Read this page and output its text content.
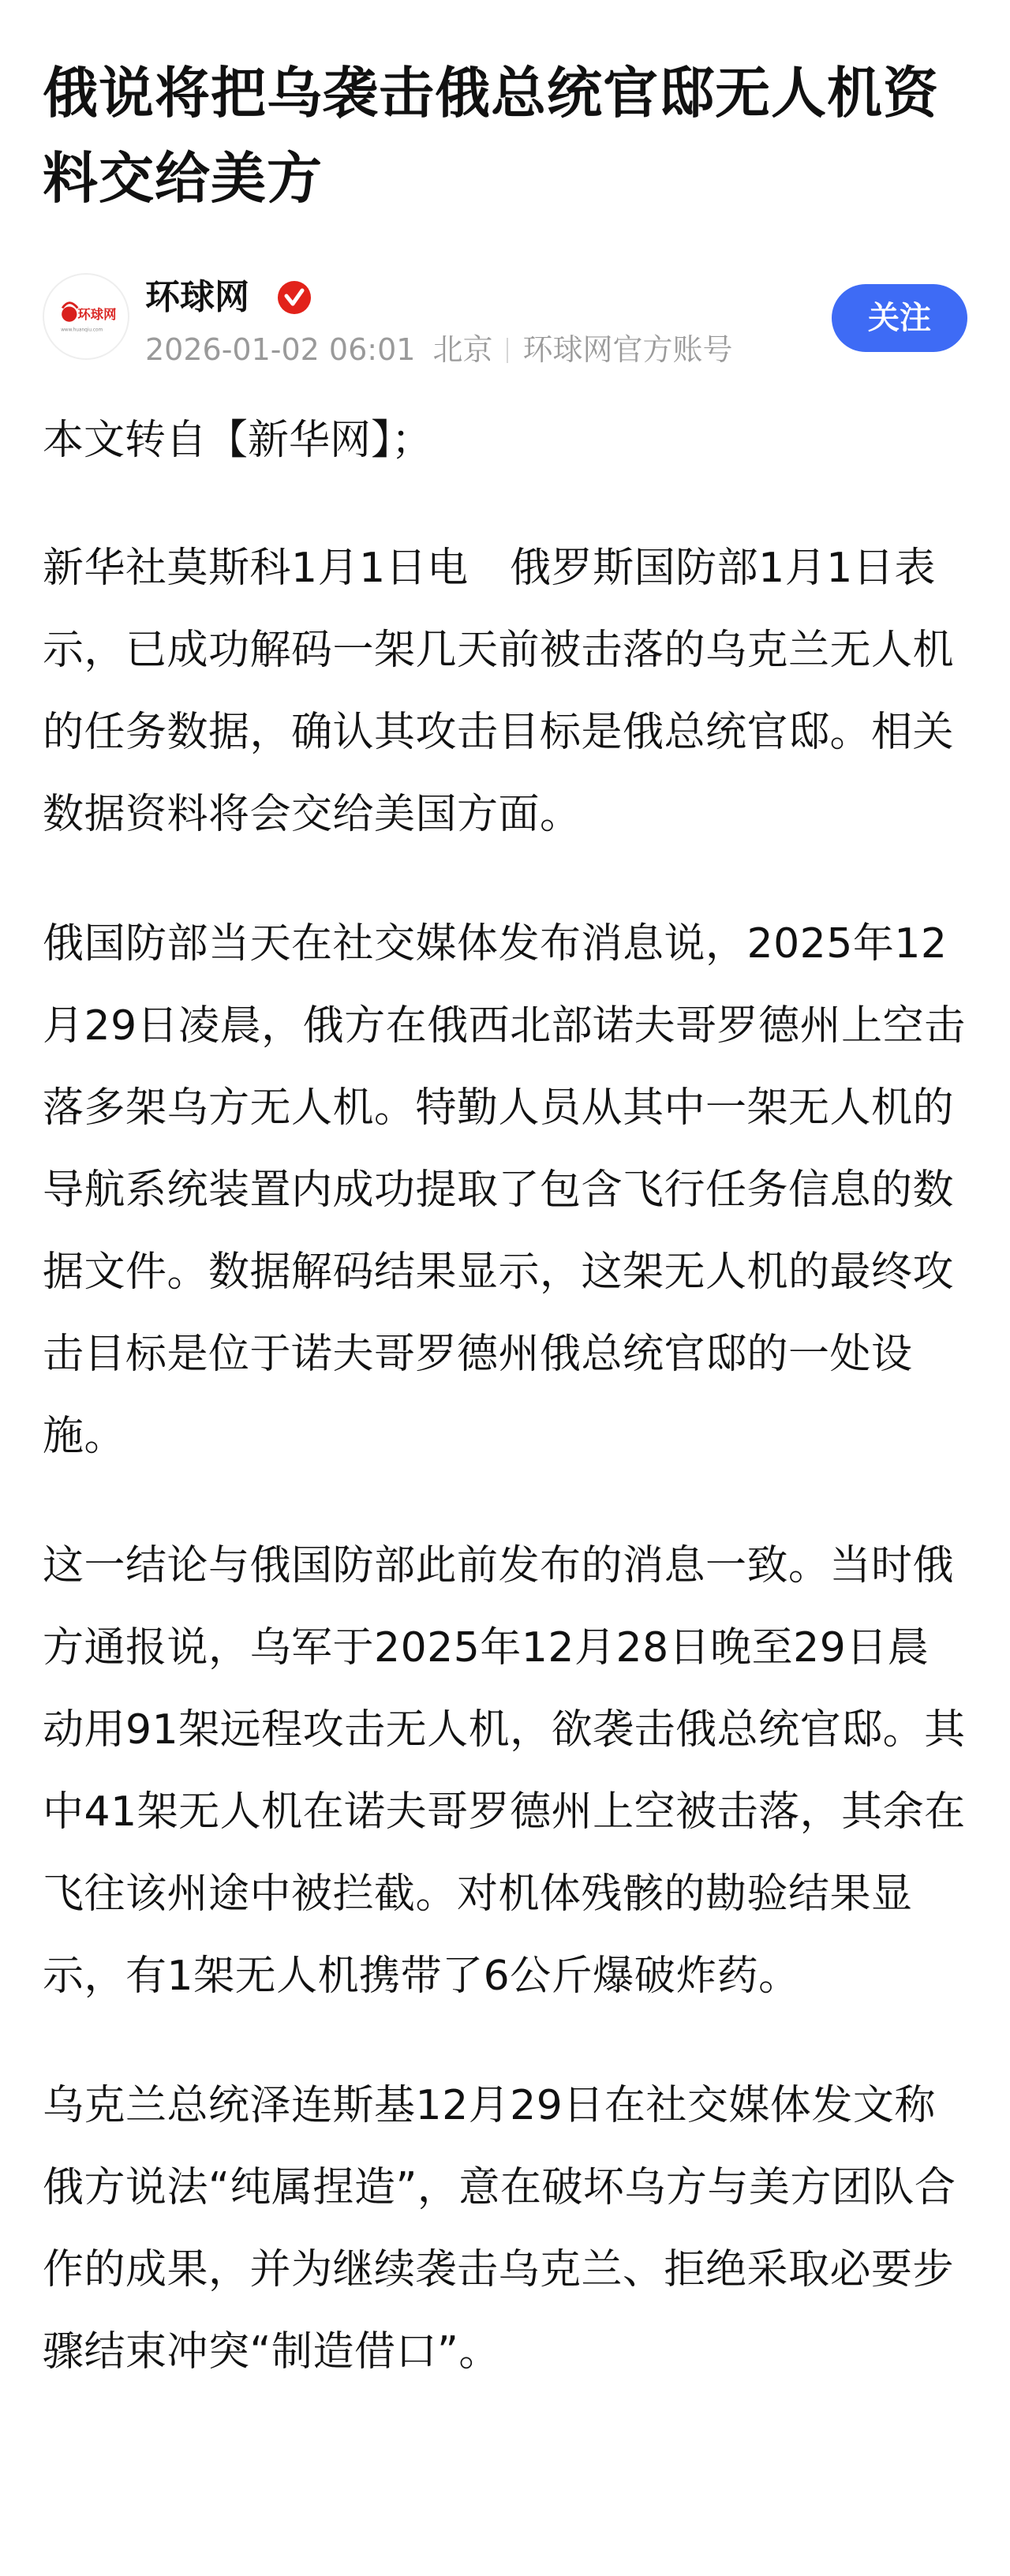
俄说将把乌袭击俄总统官邸无人机资料交给美方
环球网
www.huanqiu.com
环球网
2026-01-02 06:01 北京 环球网官方账号
关注

本文转自【新华网】；

新华社莫斯科1月1日电　俄罗斯国防部1月1日表示，已成功解码一架几天前被击落的乌克兰无人机的任务数据，确认其攻击目标是俄总统官邸。相关数据资料将会交给美国方面。

俄国防部当天在社交媒体发布消息说，2025年12月29日凌晨，俄方在俄西北部诺夫哥罗德州上空击落多架乌方无人机。特勤人员从其中一架无人机的导航系统装置内成功提取了包含飞行任务信息的数据文件。数据解码结果显示，这架无人机的最终攻击目标是位于诺夫哥罗德州俄总统官邸的一处设施。

这一结论与俄国防部此前发布的消息一致。当时俄方通报说，乌军于2025年12月28日晚至29日晨动用91架远程攻击无人机，欲袭击俄总统官邸。其中41架无人机在诺夫哥罗德州上空被击落，其余在飞往该州途中被拦截。对机体残骸的勘验结果显示，有1架无人机携带了6公斤爆破炸药。

乌克兰总统泽连斯基12月29日在社交媒体发文称俄方说法“纯属捏造”，意在破坏乌方与美方团队合作的成果，并为继续袭击乌克兰、拒绝采取必要步骤结束冲突“制造借口”。
